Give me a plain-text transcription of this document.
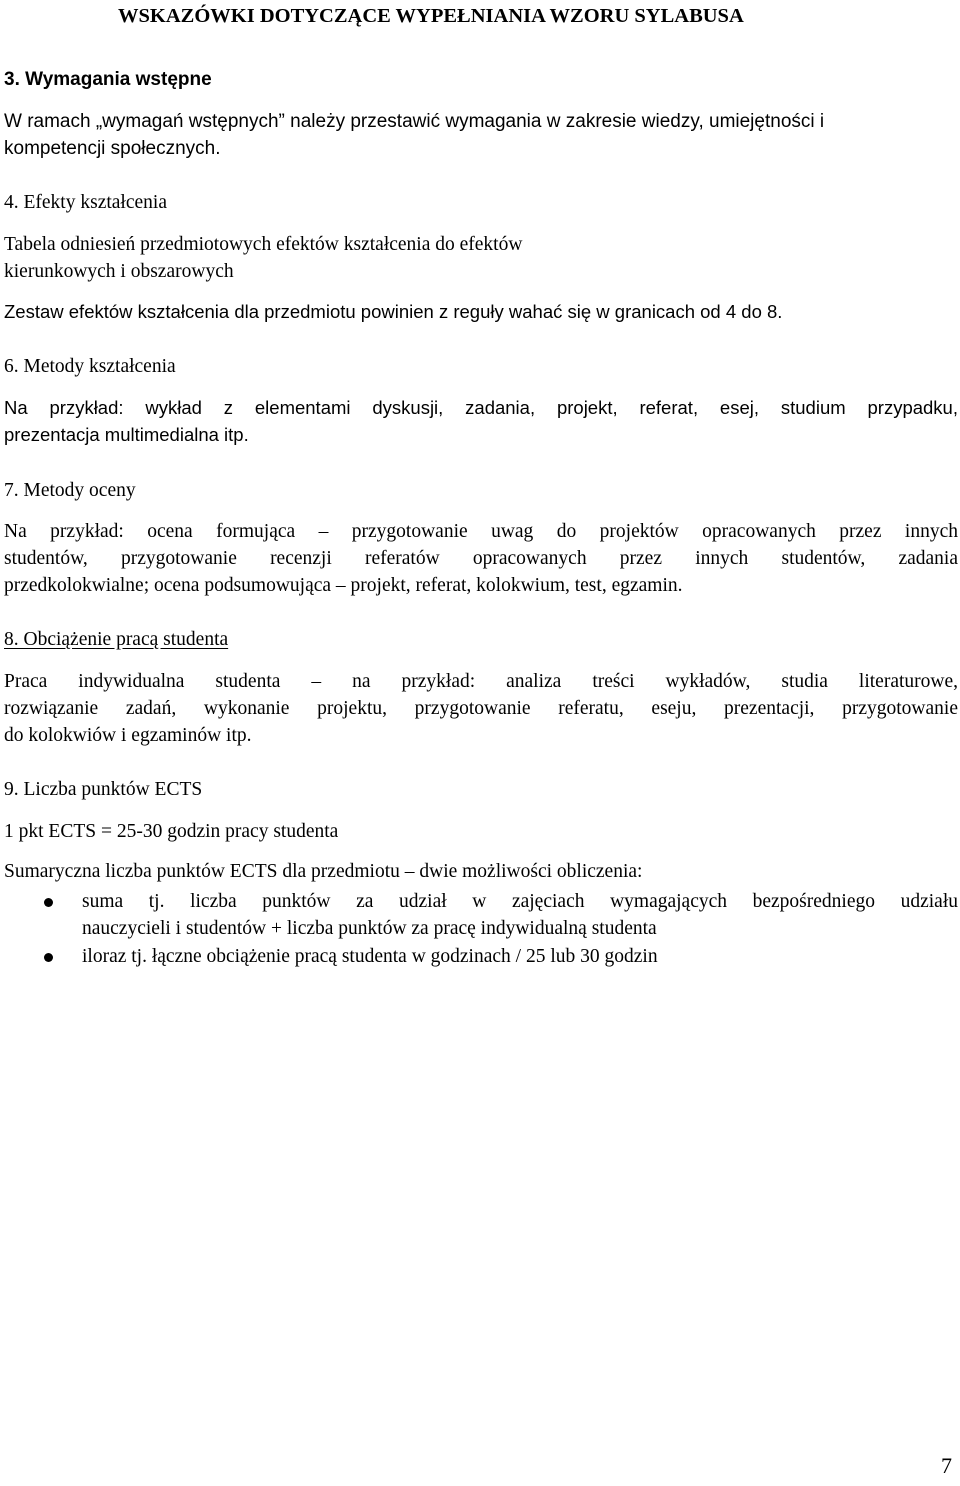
WSKAZÓWKI DOTYCZĄCE WYPEŁNIANIA WZORU SYLABUSA
3. Wymagania wstępne
W ramach „wymagań wstępnych” należy przestawić wymagania w zakresie wiedzy, umiejętności i
kompetencji społecznych.
4. Efekty kształcenia
Tabela odniesień przedmiotowych efektów kształcenia do efektów
kierunkowych i obszarowych
Zestaw efektów kształcenia dla przedmiotu powinien z reguły wahać się w granicach od 4 do 8.
6. Metody kształcenia
Na przykład: wykład z elementami dyskusji, zadania, projekt, referat, esej, studium przypadku,
prezentacja multimedialna itp.
7. Metody oceny
Na przykład: ocena formująca – przygotowanie uwag do projektów opracowanych przez innych
studentów, przygotowanie recenzji referatów opracowanych przez innych studentów, zadania
przedkolokwialne; ocena podsumowująca – projekt, referat, kolokwium, test, egzamin.
8. Obciążenie pracą studenta
Praca indywidualna studenta – na przykład: analiza treści wykładów, studia literaturowe,
rozwiązanie zadań, wykonanie projektu, przygotowanie referatu, eseju, prezentacji, przygotowanie
do kolokwiów i egzaminów itp.
9. Liczba punktów ECTS
1 pkt ECTS = 25-30 godzin pracy studenta
Sumaryczna liczba punktów ECTS dla przedmiotu – dwie możliwości obliczenia:
suma tj. liczba punktów za udział w zajęciach wymagających bezpośredniego udziału
nauczycieli i studentów + liczba punktów za pracę indywidualną studenta
iloraz tj. łączne obciążenie pracą studenta w godzinach / 25 lub 30 godzin
7
